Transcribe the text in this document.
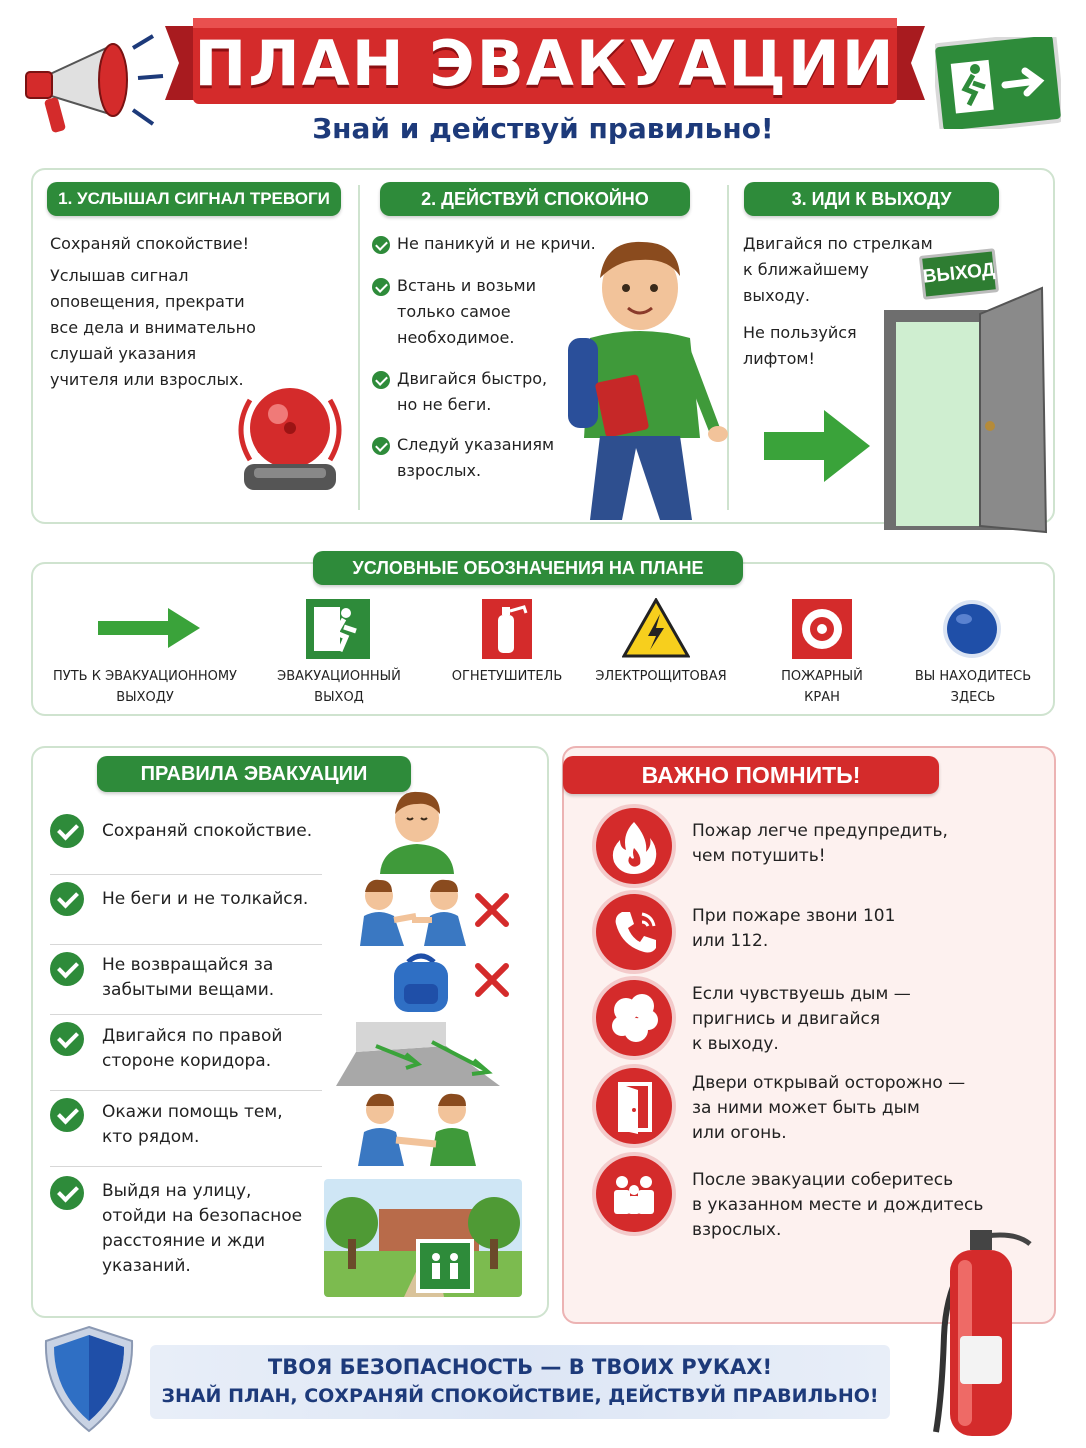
ПЛАН ЭВАКУАЦИИ
Знай и действуй правильно!
1. УСЛЫШАЛ СИГНАЛ ТРЕВОГИ	2. ДЕЙСТВУЙ СПОКОЙНО	3. ИДИ К ВЫХОДУ
Сохраняй спокойствие!
Услышав сигнал
оповещения, прекрати
все дела и внимательно
слушай указания
учителя или взрослых.
Не паникуй и не кричи.
Встань и возьми
только самое
необходимое.
Двигайся быстро,
но не беги.
Следуй указаниям
взрослых.
Двигайся по стрелкам
к ближайшему
выходу.
Не пользуйся
лифтом!
ВЫХОД
УСЛОВНЫЕ ОБОЗНАЧЕНИЯ НА ПЛАНЕ
ПУТЬ К ЭВАКУАЦИОННОМУ
ВЫХОДУ
ЭВАКУАЦИОННЫЙ
ВЫХОД
ОГНЕТУШИТЕЛЬ	ЭЛЕКТРОЩИТОВАЯ	ПОЖАРНЫЙ
КРАН
ВЫ НАХОДИТЕСЬ
ЗДЕСЬ
ПРАВИЛА ЭВАКУАЦИИ
Сохраняй спокойствие.
Не беги и не толкайся.
Не возвращайся за
забытыми вещами.
Двигайся по правой
стороне коридора.
Окажи помощь тем,
кто рядом.
Выйдя на улицу,
отойди на безопасное
расстояние и жди
указаний.
ВАЖНО ПОМНИТЬ!
Пожар легче предупредить,
чем потушить!
При пожаре звони 101
или 112.
Если чувствуешь дым —
пригнись и двигайся
к выходу.
Двери открывай осторожно —
за ними может быть дым
или огонь.
После эвакуации соберитесь
в указанном месте и дождитесь
взрослых.
ТВОЯ БЕЗОПАСНОСТЬ — В ТВОИХ РУКАХ!
ЗНАЙ ПЛАН, СОХРАНЯЙ СПОКОЙСТВИЕ, ДЕЙСТВУЙ ПРАВИЛЬНО!
